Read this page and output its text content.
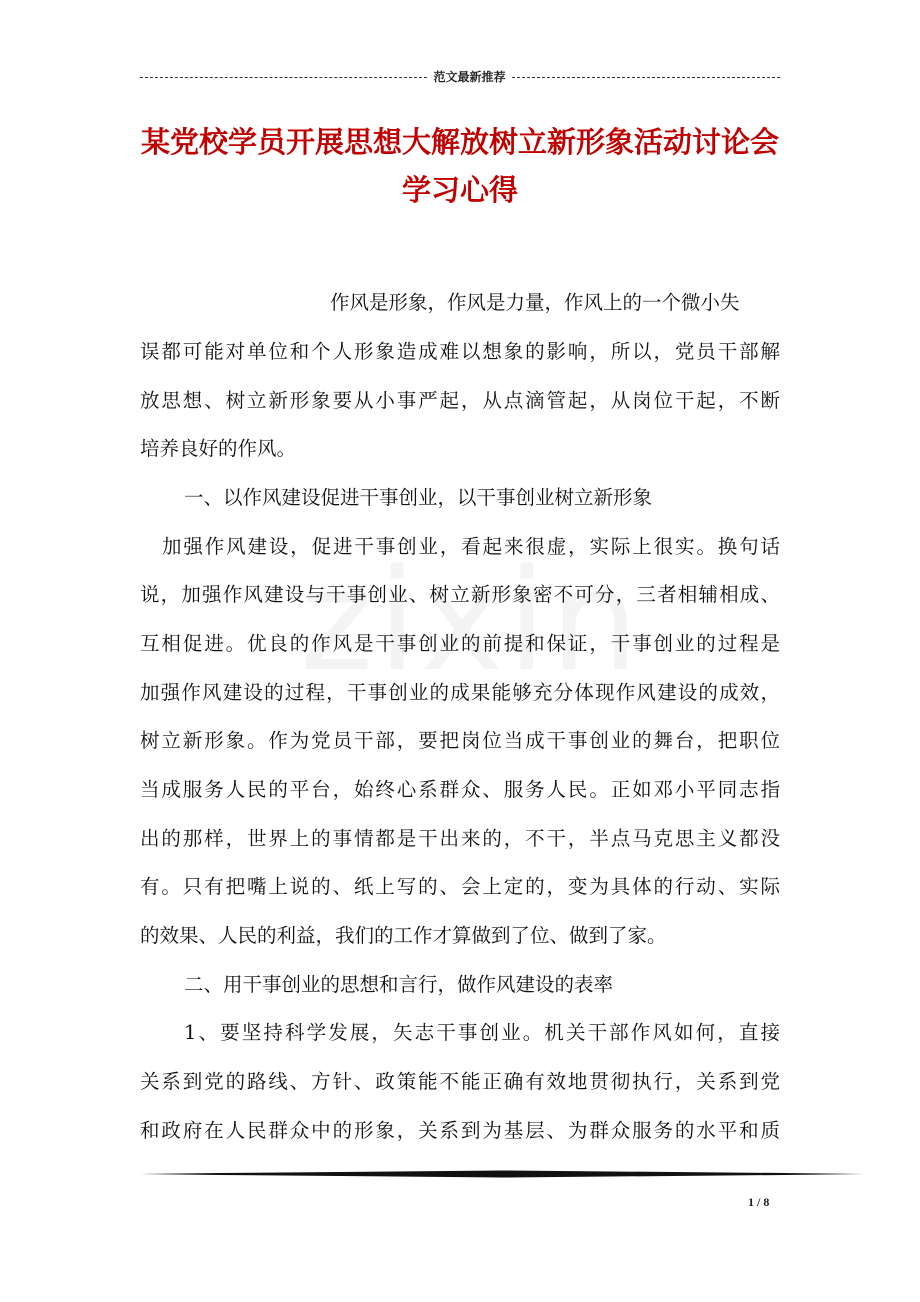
范文最新推荐
某党校学员开展思想大解放树立新形象活动讨论会
学习心得
作风是形象，作风是力量，作风上的一个微小失
误都可能对单位和个人形象造成难以想象的影响，所以，党员干部解
放思想、树立新形象要从小事严起，从点滴管起，从岗位干起，不断
培养良好的作风。
一、以作风建设促进干事创业，以干事创业树立新形象
加强作风建设，促进干事创业，看起来很虚，实际上很实。换句话
说，加强作风建设与干事创业、树立新形象密不可分，三者相辅相成、
互相促进。优良的作风是干事创业的前提和保证，干事创业的过程是
加强作风建设的过程，干事创业的成果能够充分体现作风建设的成效，
树立新形象。作为党员干部，要把岗位当成干事创业的舞台，把职位
当成服务人民的平台，始终心系群众、服务人民。正如邓小平同志指
出的那样，世界上的事情都是干出来的，不干，半点马克思主义都没
有。只有把嘴上说的、纸上写的、会上定的，变为具体的行动、实际
的效果、人民的利益，我们的工作才算做到了位、做到了家。
二、用干事创业的思想和言行，做作风建设的表率
1、要坚持科学发展，矢志干事创业。机关干部作风如何，直接
关系到党的路线、方针、政策能不能正确有效地贯彻执行，关系到党
和政府在人民群众中的形象，关系到为基层、为群众服务的水平和质
1 / 8
